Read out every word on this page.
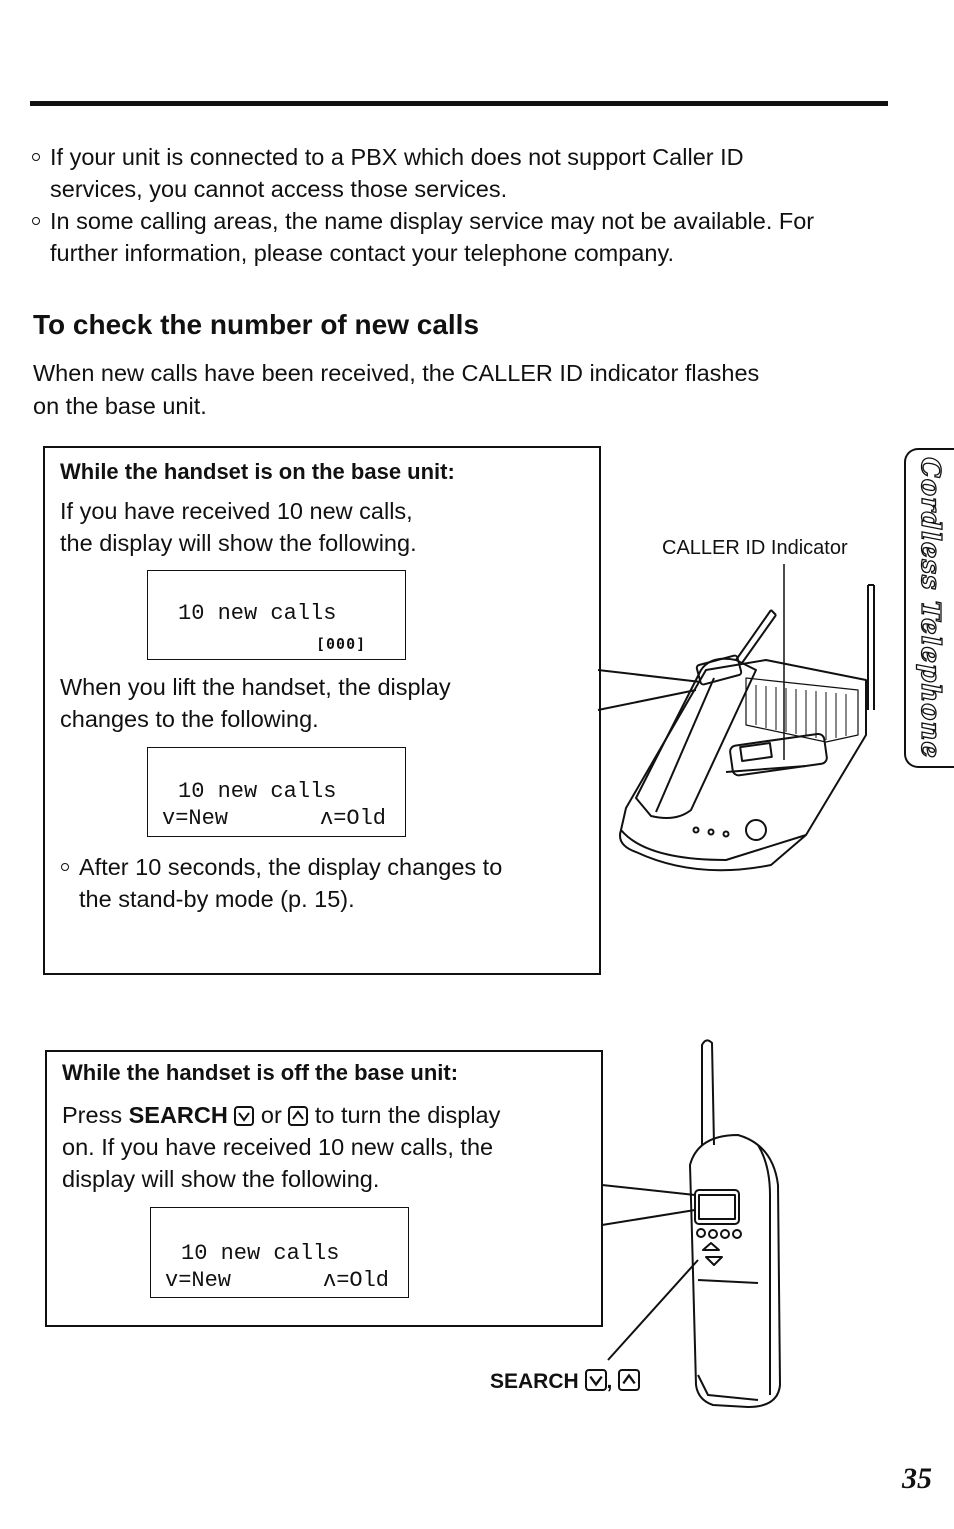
If your unit is connected to a PBX which does not support Caller ID
services, you cannot access those services.
In some calling areas, the name display service may not be available. For
further information, please contact your telephone company.
To check the number of new calls
When new calls have been received, the CALLER ID indicator flashes
on the base unit.
While the handset is on the base unit:
If you have received 10 new calls,
the display will show the following.
10 new calls
[000]
When you lift the handset, the display
changes to the following.
10 new calls
v=New	ʌ=Old
After 10 seconds, the display changes to
the stand-by mode (p. 15).
CALLER ID Indicator
While the handset is off the base unit:
Press SEARCH or to turn the display
on. If you have received 10 new calls, the
display will show the following.
10 new calls
v=New	ʌ=Old
SEARCH ,
Cordless Telephone
35
